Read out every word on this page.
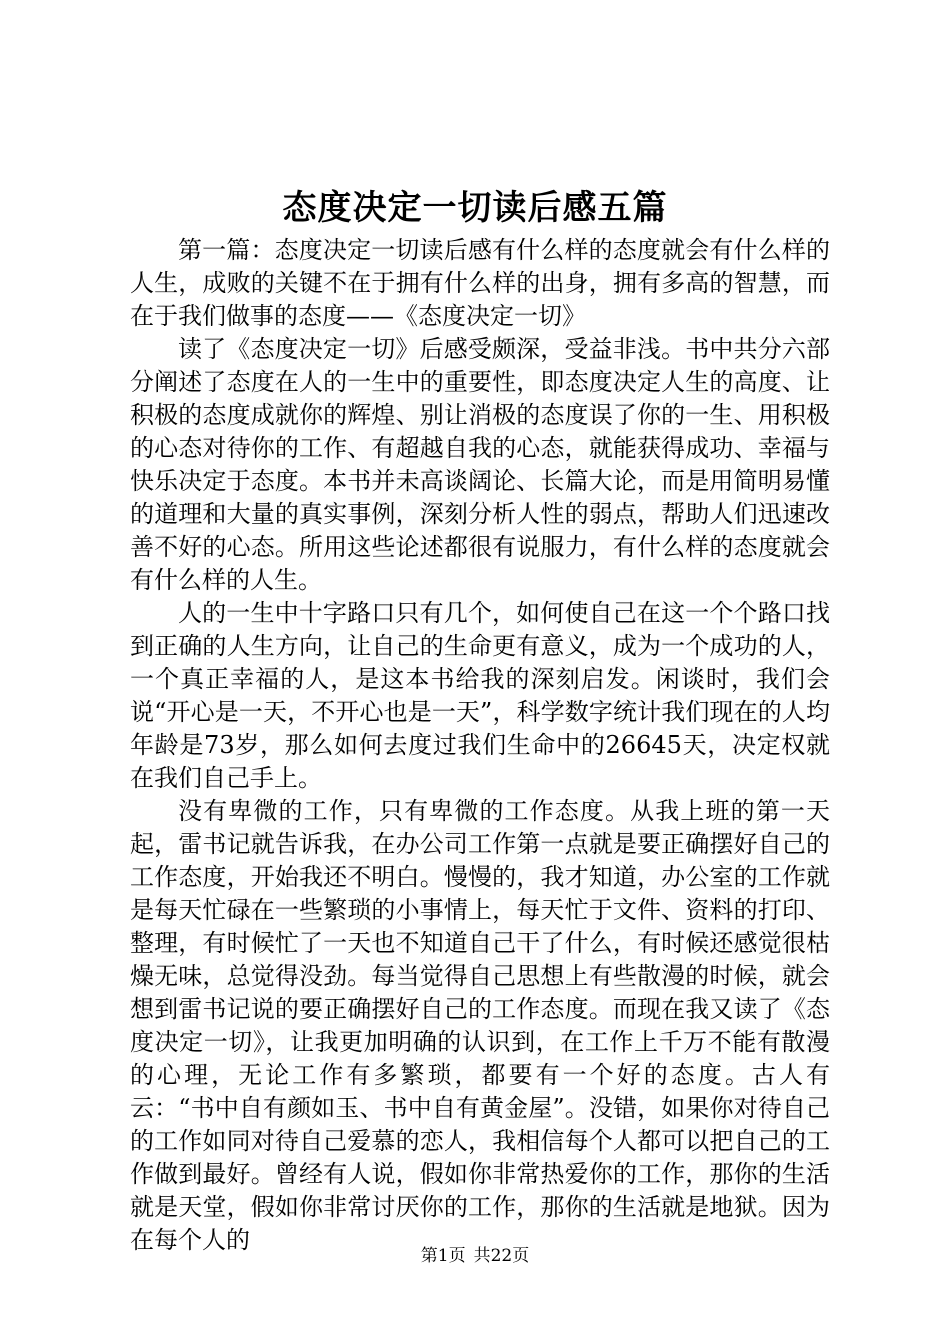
态度决定一切读后感五篇

第一篇：态度决定一切读后感有什么样的态度就会有什么样的人生，成败的关键不在于拥有什么样的出身，拥有多高的智慧，而在于我们做事的态度——《态度决定一切》

读了《态度决定一切》后感受颇深，受益非浅。书中共分六部分阐述了态度在人的一生中的重要性，即态度决定人生的高度、让积极的态度成就你的辉煌、别让消极的态度误了你的一生、用积极的心态对待你的工作、有超越自我的心态，就能获得成功、幸福与快乐决定于态度。本书并未高谈阔论、长篇大论，而是用简明易懂的道理和大量的真实事例，深刻分析人性的弱点，帮助人们迅速改善不好的心态。所用这些论述都很有说服力，有什么样的态度就会有什么样的人生。

人的一生中十字路口只有几个，如何使自己在这一个个路口找到正确的人生方向，让自己的生命更有意义，成为一个成功的人，一个真正幸福的人，是这本书给我的深刻启发。闲谈时，我们会说“开心是一天，不开心也是一天”，科学数字统计我们现在的人均年龄是73岁，那么如何去度过我们生命中的26645天，决定权就在我们自己手上。

没有卑微的工作，只有卑微的工作态度。从我上班的第一天起，雷书记就告诉我，在办公司工作第一点就是要正确摆好自己的工作态度，开始我还不明白。慢慢的，我才知道，办公室的工作就是每天忙碌在一些繁琐的小事情上，每天忙于文件、资料的打印、整理，有时候忙了一天也不知道自己干了什么，有时候还感觉很枯燥无味，总觉得没劲。每当觉得自己思想上有些散漫的时候，就会想到雷书记说的要正确摆好自己的工作态度。而现在我又读了《态度决定一切》，让我更加明确的认识到，在工作上千万不能有散漫的心理，无论工作有多繁琐，都要有一个好的态度。古人有云：“书中自有颜如玉、书中自有黄金屋”。没错，如果你对待自己的工作如同对待自己爱慕的恋人，我相信每个人都可以把自己的工作做到最好。曾经有人说，假如你非常热爱你的工作，那你的生活就是天堂，假如你非常讨厌你的工作，那你的生活就是地狱。因为在每个人的

第1页 共22页
